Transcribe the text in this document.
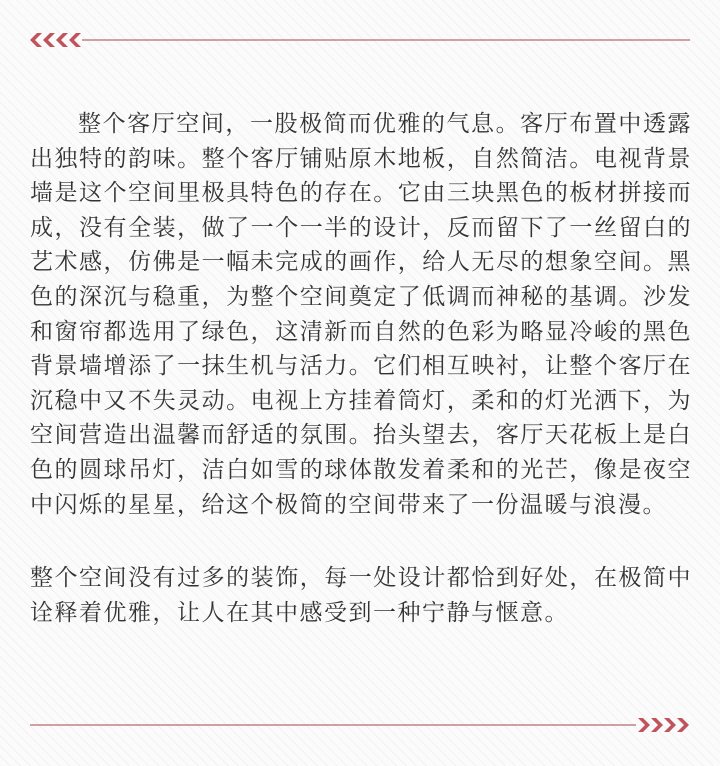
整个客厅空间，一股极简而优雅的气息。客厅布置中透露出独特的韵味。整个客厅铺贴原木地板，自然简洁。电视背景墙是这个空间里极具特色的存在。它由三块黑色的板材拼接而成，没有全装，做了一个一半的设计，反而留下了一丝留白的艺术感，仿佛是一幅未完成的画作，给人无尽的想象空间。黑色的深沉与稳重，为整个空间奠定了低调而神秘的基调。沙发和窗帘都选用了绿色，这清新而自然的色彩为略显冷峻的黑色背景墙增添了一抹生机与活力。它们相互映衬，让整个客厅在沉稳中又不失灵动。电视上方挂着筒灯，柔和的灯光洒下，为空间营造出温馨而舒适的氛围。抬头望去，客厅天花板上是白色的圆球吊灯，洁白如雪的球体散发着柔和的光芒，像是夜空中闪烁的星星，给这个极简的空间带来了一份温暖与浪漫。

整个空间没有过多的装饰，每一处设计都恰到好处，在极简中诠释着优雅，让人在其中感受到一种宁静与惬意。
